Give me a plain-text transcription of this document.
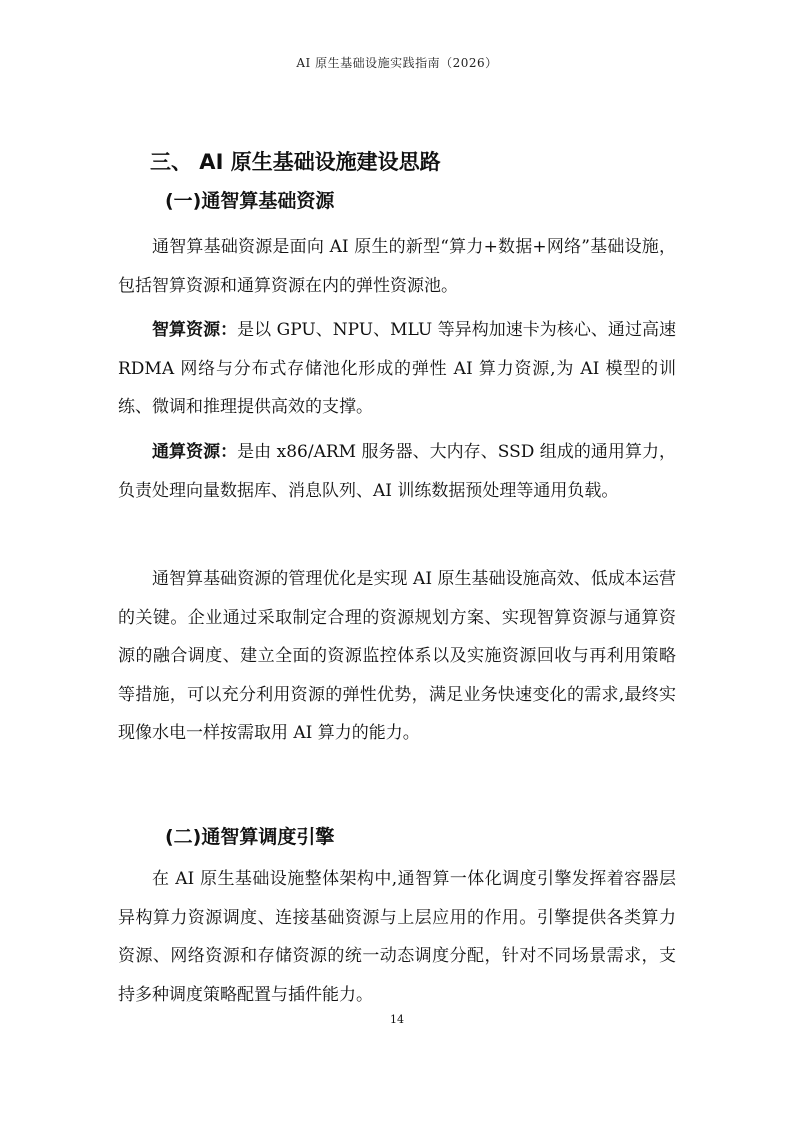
AI 原生基础设施实践指南（2026）
三、 AI 原生基础设施建设思路
(一)通智算基础资源

通智算基础资源是面向 AI 原生的新型“算力+数据+网络”基础设施，包括智算资源和通算资源在内的弹性资源池。

智算资源：是以 GPU、NPU、MLU 等异构加速卡为核心、通过高速 RDMA 网络与分布式存储池化形成的弹性 AI 算力资源,为 AI 模型的训练、微调和推理提供高效的支撑。

通算资源：是由 x86/ARM 服务器、大内存、SSD 组成的通用算力，负责处理向量数据库、消息队列、AI 训练数据预处理等通用负载。

通智算基础资源的管理优化是实现 AI 原生基础设施高效、低成本运营的关键。企业通过采取制定合理的资源规划方案、实现智算资源与通算资源的融合调度、建立全面的资源监控体系以及实施资源回收与再利用策略等措施，可以充分利用资源的弹性优势，满足业务快速变化的需求,最终实现像水电一样按需取用 AI 算力的能力。

(二)通智算调度引擎

在 AI 原生基础设施整体架构中,通智算一体化调度引擎发挥着容器层异构算力资源调度、连接基础资源与上层应用的作用。引擎提供各类算力资源、网络资源和存储资源的统一动态调度分配，针对不同场景需求，支持多种调度策略配置与插件能力。

14
